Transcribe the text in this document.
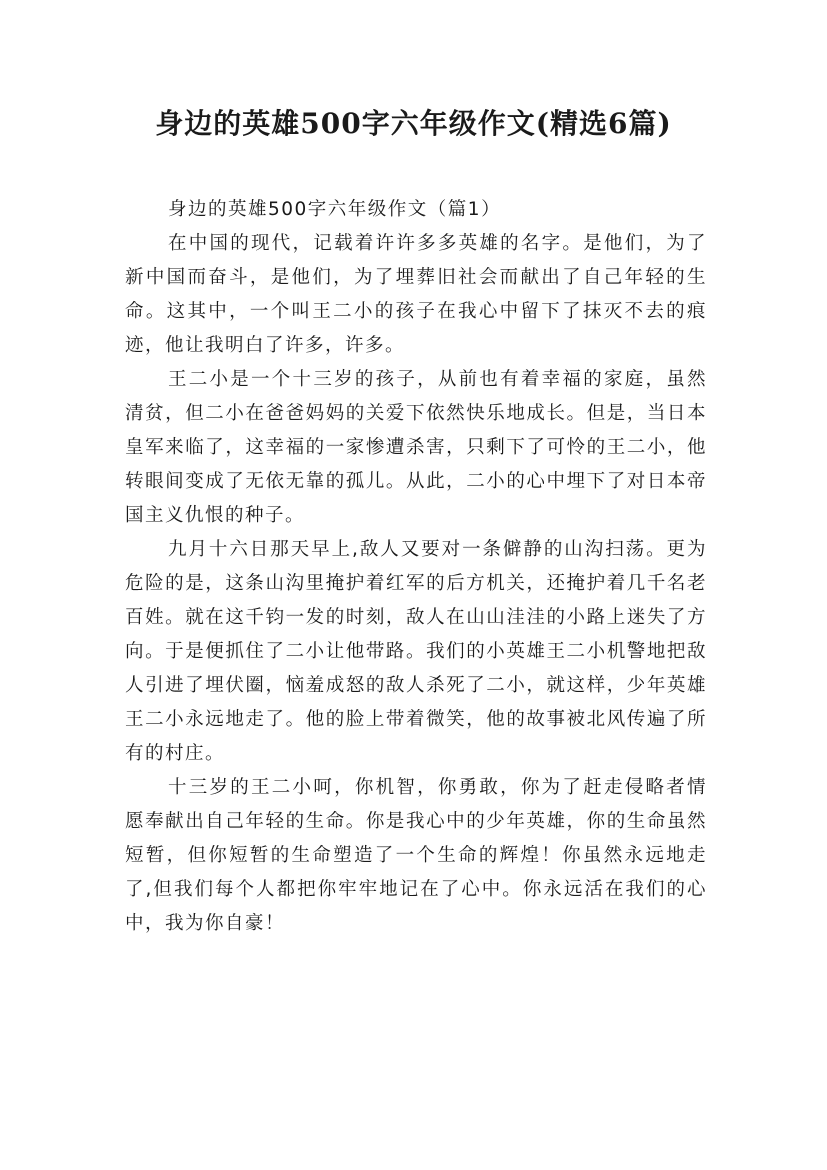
身边的英雄500字六年级作文(精选6篇)

身边的英雄500字六年级作文（篇1）

在中国的现代，记载着许许多多英雄的名字。是他们，为了新中国而奋斗，是他们，为了埋葬旧社会而献出了自己年轻的生命。这其中，一个叫王二小的孩子在我心中留下了抹灭不去的痕迹，他让我明白了许多，许多。

王二小是一个十三岁的孩子，从前也有着幸福的家庭，虽然清贫，但二小在爸爸妈妈的关爱下依然快乐地成长。但是，当日本皇军来临了，这幸福的一家惨遭杀害，只剩下了可怜的王二小，他转眼间变成了无依无靠的孤儿。从此，二小的心中埋下了对日本帝国主义仇恨的种子。

九月十六日那天早上,敌人又要对一条僻静的山沟扫荡。更为危险的是，这条山沟里掩护着红军的后方机关，还掩护着几千名老百姓。就在这千钧一发的时刻，敌人在山山洼洼的小路上迷失了方向。于是便抓住了二小让他带路。我们的小英雄王二小机警地把敌人引进了埋伏圈，恼羞成怒的敌人杀死了二小，就这样，少年英雄王二小永远地走了。他的脸上带着微笑，他的故事被北风传遍了所有的村庄。

十三岁的王二小呵，你机智，你勇敢，你为了赶走侵略者情愿奉献出自己年轻的生命。你是我心中的少年英雄，你的生命虽然短暂，但你短暂的生命塑造了一个生命的辉煌！你虽然永远地走了,但我们每个人都把你牢牢地记在了心中。你永远活在我们的心中，我为你自豪！
